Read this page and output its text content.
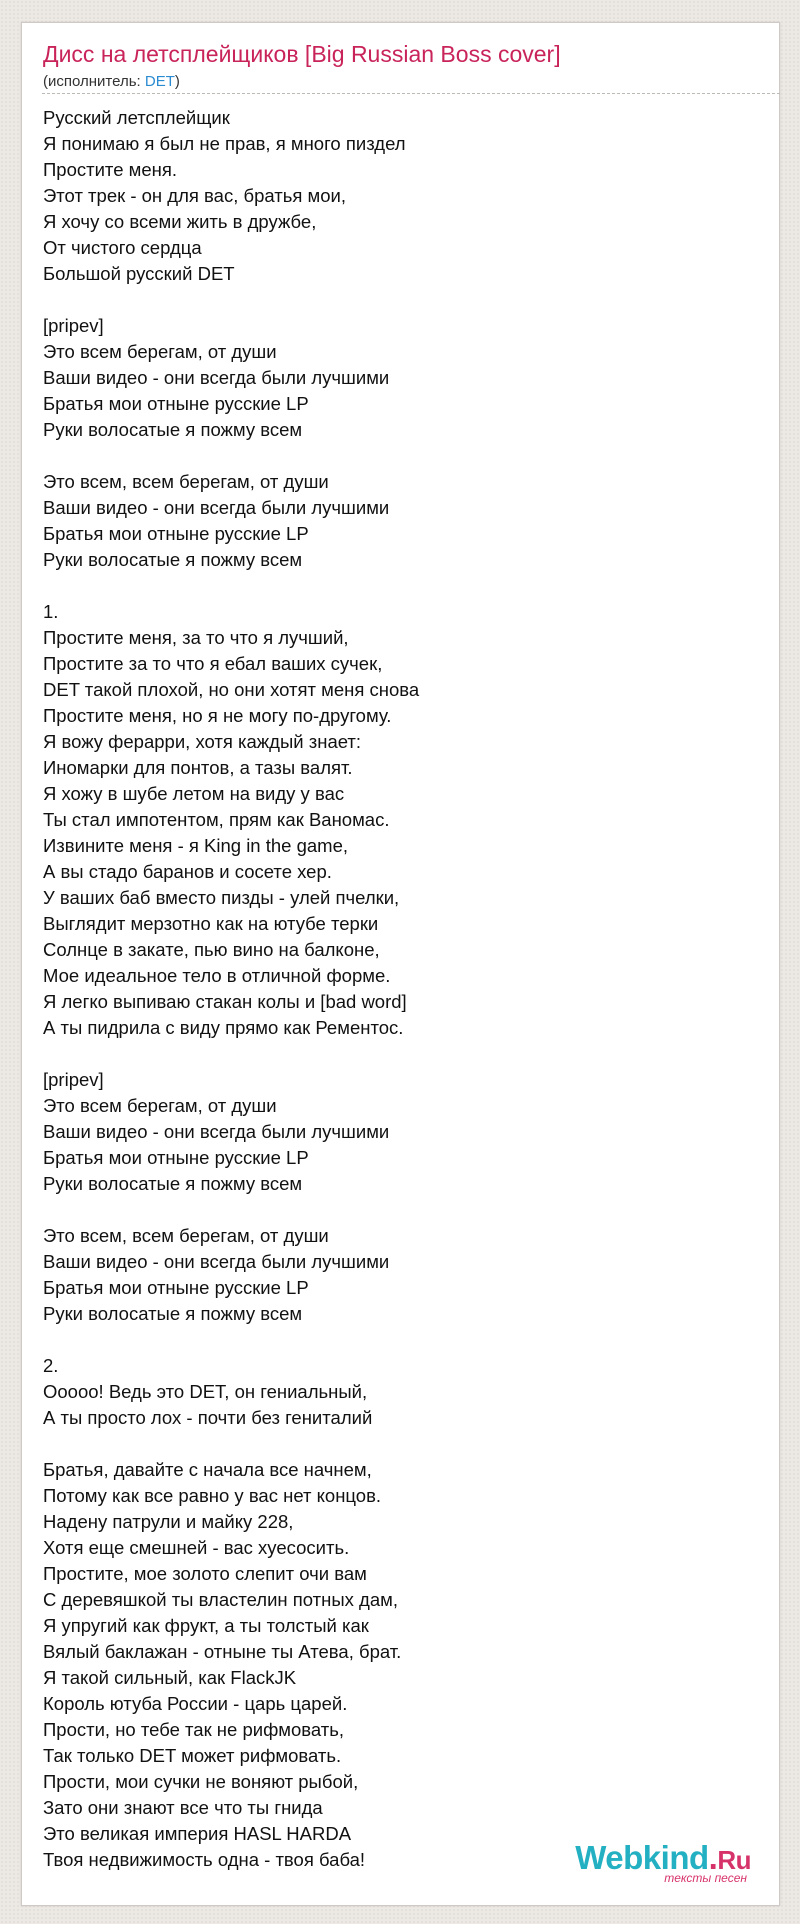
Дисс на летсплейщиков [Big Russian Boss cover]
(исполнитель: DET)
Русский летсплейщик
Я понимаю я был не прав, я много пиздел
Простите меня.
Этот трек - он для вас, братья мои,
Я хочу со всеми жить в дружбе,
От чистого сердца
Большой русский DET
[pripev]
Это всем берегам, от души
Ваши видео - они всегда были лучшими
Братья мои отныне русские LP
Руки волосатые я пожму всем
Это всем, всем берегам, от души
Ваши видео - они всегда были лучшими
Братья мои отныне русские LP
Руки волосатые я пожму всем
1.
Простите меня, за то что я лучший,
Простите за то что я ебал ваших сучек,
DET такой плохой, но они хотят меня снова
Простите меня, но я не могу по-другому.
Я вожу ферарри, хотя каждый знает:
Иномарки для понтов, а тазы валят.
Я хожу в шубе летом на виду у вас
Ты стал импотентом, прям как Ваномас.
Извините меня - я King in the game,
А вы стадо баранов и сосете хер.
У ваших баб вместо пизды - улей пчелки,
Выглядит мерзотно как на ютубе терки
Солнце в закате, пью вино на балконе,
Мое идеальное тело в отличной форме.
Я легко выпиваю стакан колы и [bad word]
А ты пидрила с виду прямо как Рементос.
[pripev]
Это всем берегам, от души
Ваши видео - они всегда были лучшими
Братья мои отныне русские LP
Руки волосатые я пожму всем
Это всем, всем берегам, от души
Ваши видео - они всегда были лучшими
Братья мои отныне русские LP
Руки волосатые я пожму всем
2.
Ооооо! Ведь это DET, он гениальный,
А ты просто лох - почти без гениталий
Братья, давайте с начала все начнем,
Потому как все равно у вас нет концов.
Надену патрули и майку 228,
Хотя еще смешней - вас хуесосить.
Простите, мое золото слепит очи вам
С деревяшкой ты властелин потных дам,
Я упругий как фрукт, а ты толстый как
Вялый баклажан - отныне ты Атева, брат.
Я такой сильный, как FlackJK
Король ютуба России - царь царей.
Прости, но тебе так не рифмовать,
Так только DET может рифмовать.
Прости, мои сучки не воняют рыбой,
Зато они знают все что ты гнида
Это великая империя HASL HARDA
Твоя недвижимость одна - твоя баба!	Webkind.Ru
тексты песен
